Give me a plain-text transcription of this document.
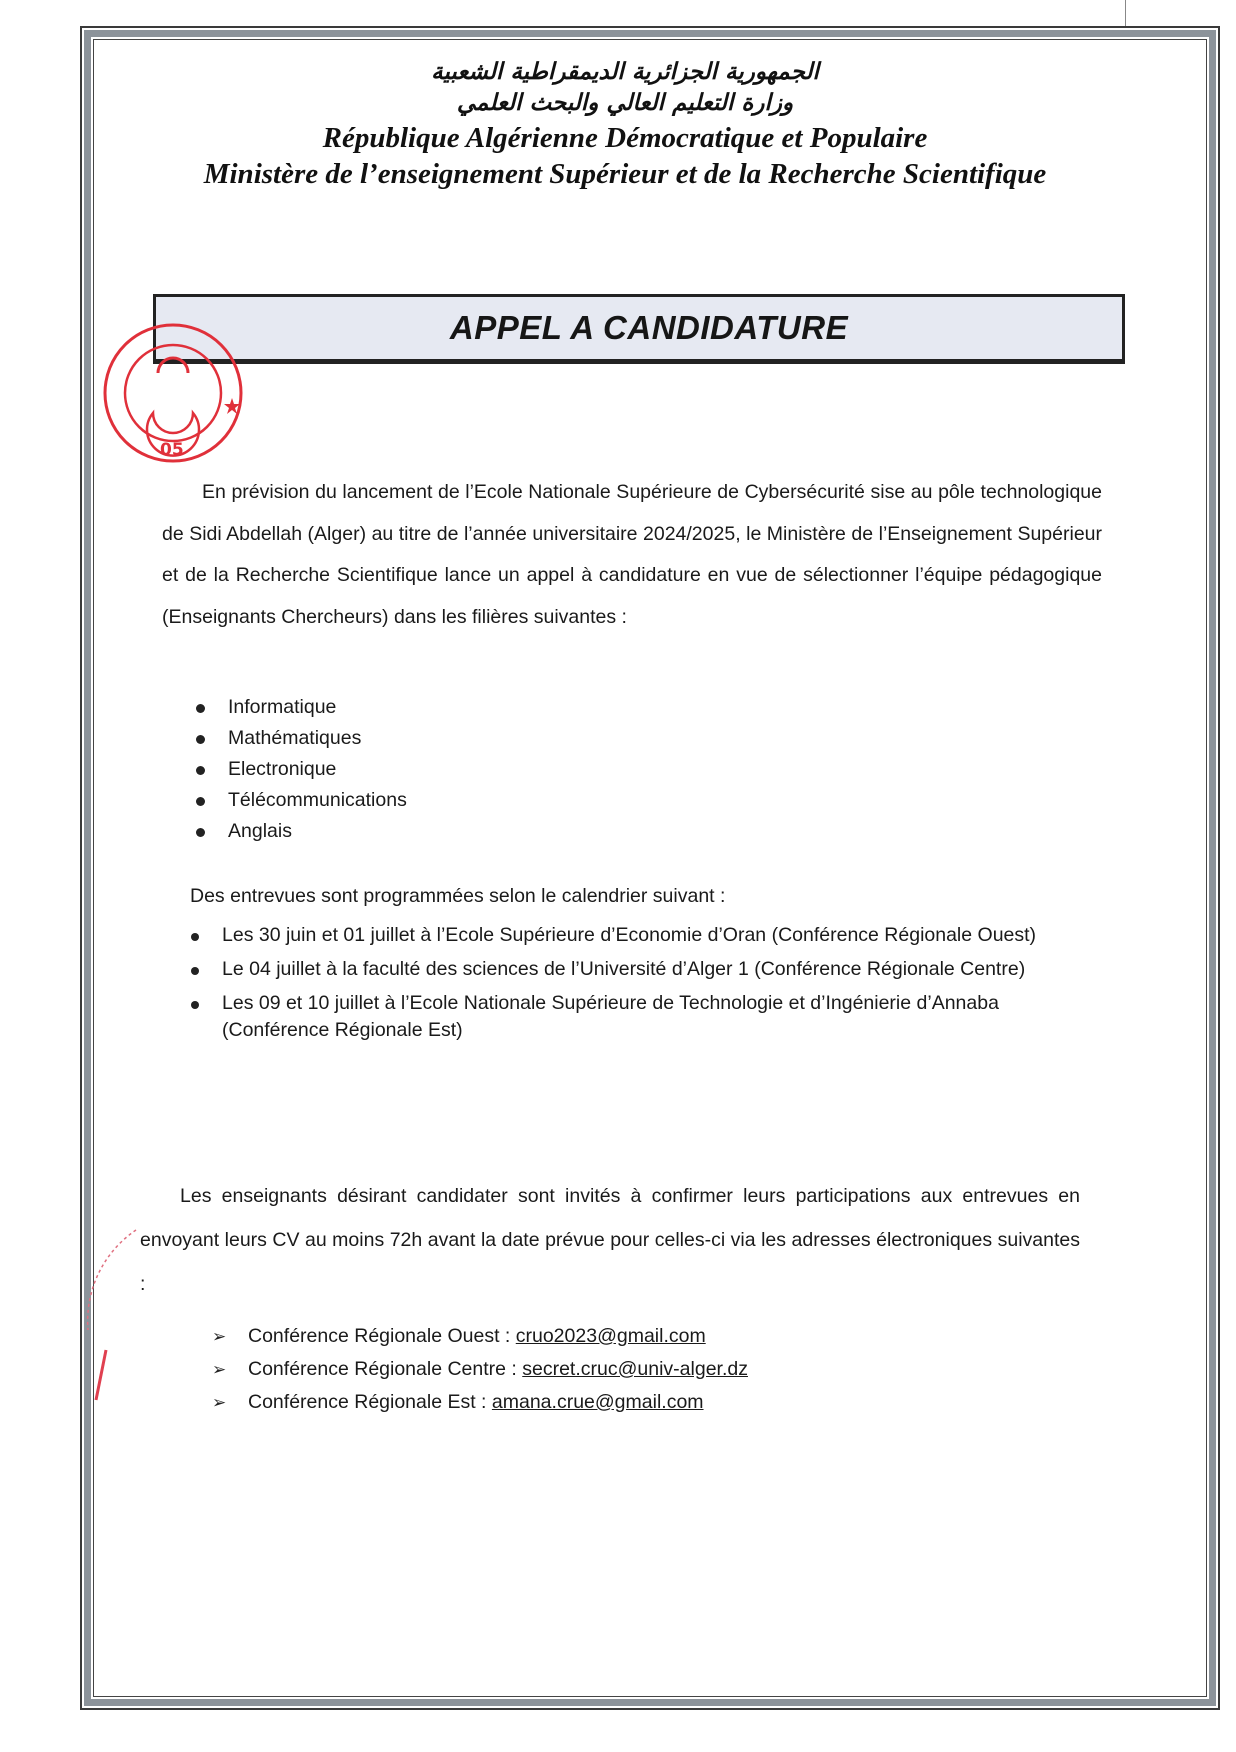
الجمهورية الجزائرية الديمقراطية الشعبية
وزارة التعليم العالي والبحث العلمي
République Algérienne Démocratique et Populaire
Ministère de l’enseignement Supérieur et de la Recherche Scientifique
APPEL A CANDIDATURE

En prévision du lancement de l’Ecole Nationale Supérieure de Cybersécurité sise au pôle technologique de Sidi Abdellah (Alger) au titre de l’année universitaire 2024/2025, le Ministère de l’Enseignement Supérieur et de la Recherche Scientifique lance un appel à candidature en vue de sélectionner l’équipe pédagogique (Enseignants Chercheurs) dans les filières suivantes :

Informatique
Mathématiques
Electronique
Télécommunications
Anglais
Des entrevues sont programmées selon le calendrier suivant :
Les 30 juin et 01 juillet à l’Ecole Supérieure d’Economie d’Oran (Conférence Régionale Ouest)
Le 04 juillet à la faculté des sciences de l’Université d’Alger 1 (Conférence Régionale Centre)
Les 09 et 10 juillet à l’Ecole Nationale Supérieure de Technologie et d’Ingénierie d’Annaba (Conférence Régionale Est)

Les enseignants désirant candidater sont invités à confirmer leurs participations aux entrevues en envoyant leurs CV au moins 72h avant la date prévue pour celles-ci via les adresses électroniques suivantes :

➢ Conférence Régionale Ouest : cruo2023@gmail.com
➢ Conférence Régionale Centre : secret.cruc@univ-alger.dz
➢ Conférence Régionale Est : amana.crue@gmail.com
05
